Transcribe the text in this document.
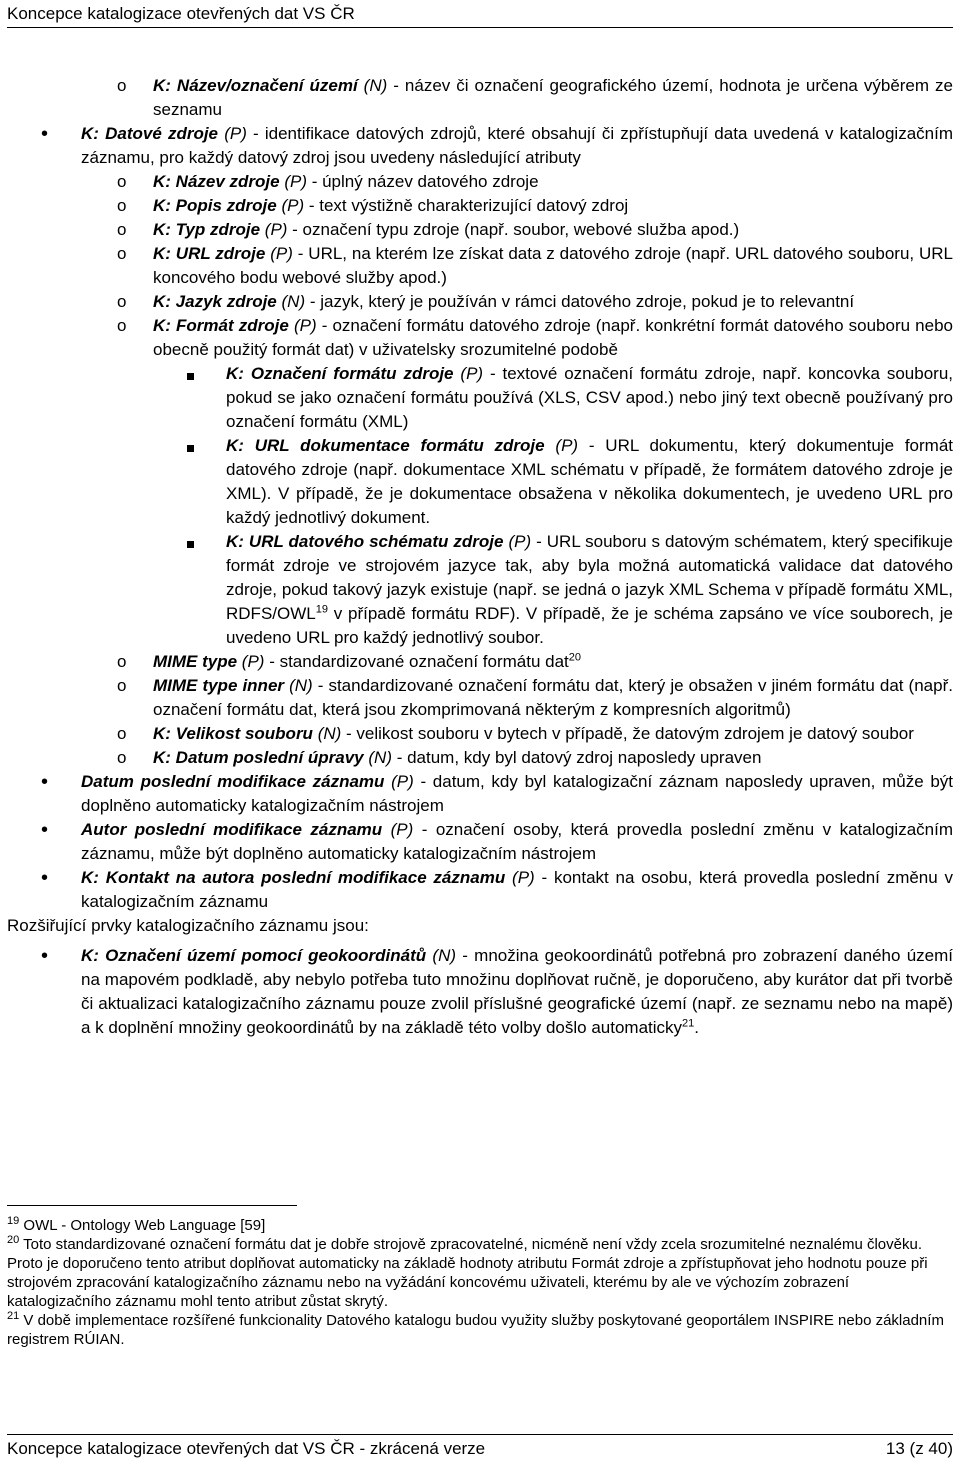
Koncepce katalogizace otevřených dat VS ČR
o K: Název/označení území (N) - název či označení geografického území, hodnota je určena výběrem ze seznamu
• K: Datové zdroje (P) - identifikace datových zdrojů, které obsahují či zpřístupňují data uvedená v katalogizačním záznamu, pro každý datový zdroj jsou uvedeny následující atributy
o K: Název zdroje (P) - úplný název datového zdroje
o K: Popis zdroje (P) - text výstižně charakterizující datový zdroj
o K: Typ zdroje (P) - označení typu zdroje (např. soubor, webové služba apod.)
o K: URL zdroje (P) - URL, na kterém lze získat data z datového zdroje (např. URL datového souboru, URL koncového bodu webové služby apod.)
o K: Jazyk zdroje (N) - jazyk, který je používán v rámci datového zdroje, pokud je to relevantní
o K: Formát zdroje (P) - označení formátu datového zdroje (např. konkrétní formát datového souboru nebo obecně použitý formát dat) v uživatelsky srozumitelné podobě
K: Označení formátu zdroje (P) - textové označení formátu zdroje, např. koncovka souboru, pokud se jako označení formátu používá (XLS, CSV apod.) nebo jiný text obecně používaný pro označení formátu (XML)
K: URL dokumentace formátu zdroje (P) - URL dokumentu, který dokumentuje formát datového zdroje (např. dokumentace XML schématu v případě, že formátem datového zdroje je XML). V případě, že je dokumentace obsažena v několika dokumentech, je uvedeno URL pro každý jednotlivý dokument.
K: URL datového schématu zdroje (P) - URL souboru s datovým schématem, který specifikuje formát zdroje ve strojovém jazyce tak, aby byla možná automatická validace dat datového zdroje, pokud takový jazyk existuje (např. se jedná o jazyk XML Schema v případě formátu XML, RDFS/OWL$^{19}$ v případě formátu RDF). V případě, že je schéma zapsáno ve více souborech, je uvedeno URL pro každý jednotlivý soubor.
o MIME type (P) - standardizované označení formátu dat$^{20}$
o MIME type inner (N) - standardizované označení formátu dat, který je obsažen v jiném formátu dat (např. označení formátu dat, která jsou zkomprimovaná některým z kompresních algoritmů)
o K: Velikost souboru (N) - velikost souboru v bytech v případě, že datovým zdrojem je datový soubor
o K: Datum poslední úpravy (N) - datum, kdy byl datový zdroj naposledy upraven
• Datum poslední modifikace záznamu (P) - datum, kdy byl katalogizační záznam naposledy upraven, může být doplněno automaticky katalogizačním nástrojem
• Autor poslední modifikace záznamu (P) - označení osoby, která provedla poslední změnu v katalogizačním záznamu, může být doplněno automaticky katalogizačním nástrojem
• K: Kontakt na autora poslední modifikace záznamu (P) - kontakt na osobu, která provedla poslední změnu v katalogizačním záznamu
Rozšiřující prvky katalogizačního záznamu jsou:
• K: Označení území pomocí geokoordinátů (N) - množina geokoordinátů potřebná pro zobrazení daného území na mapovém podkladě, aby nebylo potřeba tuto množinu doplňovat ručně, je doporučeno, aby kurátor dat při tvorbě či aktualizaci katalogizačního záznamu pouze zvolil příslušné geografické území (např. ze seznamu nebo na mapě) a k doplnění množiny geokoordinátů by na základě této volby došlo automaticky$^{21}$.
$^{19}$ OWL - Ontology Web Language [59]
$^{20}$ Toto standardizované označení formátu dat je dobře strojově zpracovatelné, nicméně není vždy zcela srozumitelné neznalému člověku. Proto je doporučeno tento atribut doplňovat automaticky na základě hodnoty atributu Formát zdroje a zpřístupňovat jeho hodnotu pouze při strojovém zpracování katalogizačního záznamu nebo na vyžádání koncovému uživateli, kterému by ale ve výchozím zobrazení katalogizačního záznamu mohl tento atribut zůstat skrytý.
$^{21}$ V době implementace rozšířené funkcionality Datového katalogu budou využity služby poskytované geoportálem INSPIRE nebo základním registrem RÚIAN.
Koncepce katalogizace otevřených dat VS ČR - zkrácená verze	13 (z 40)
